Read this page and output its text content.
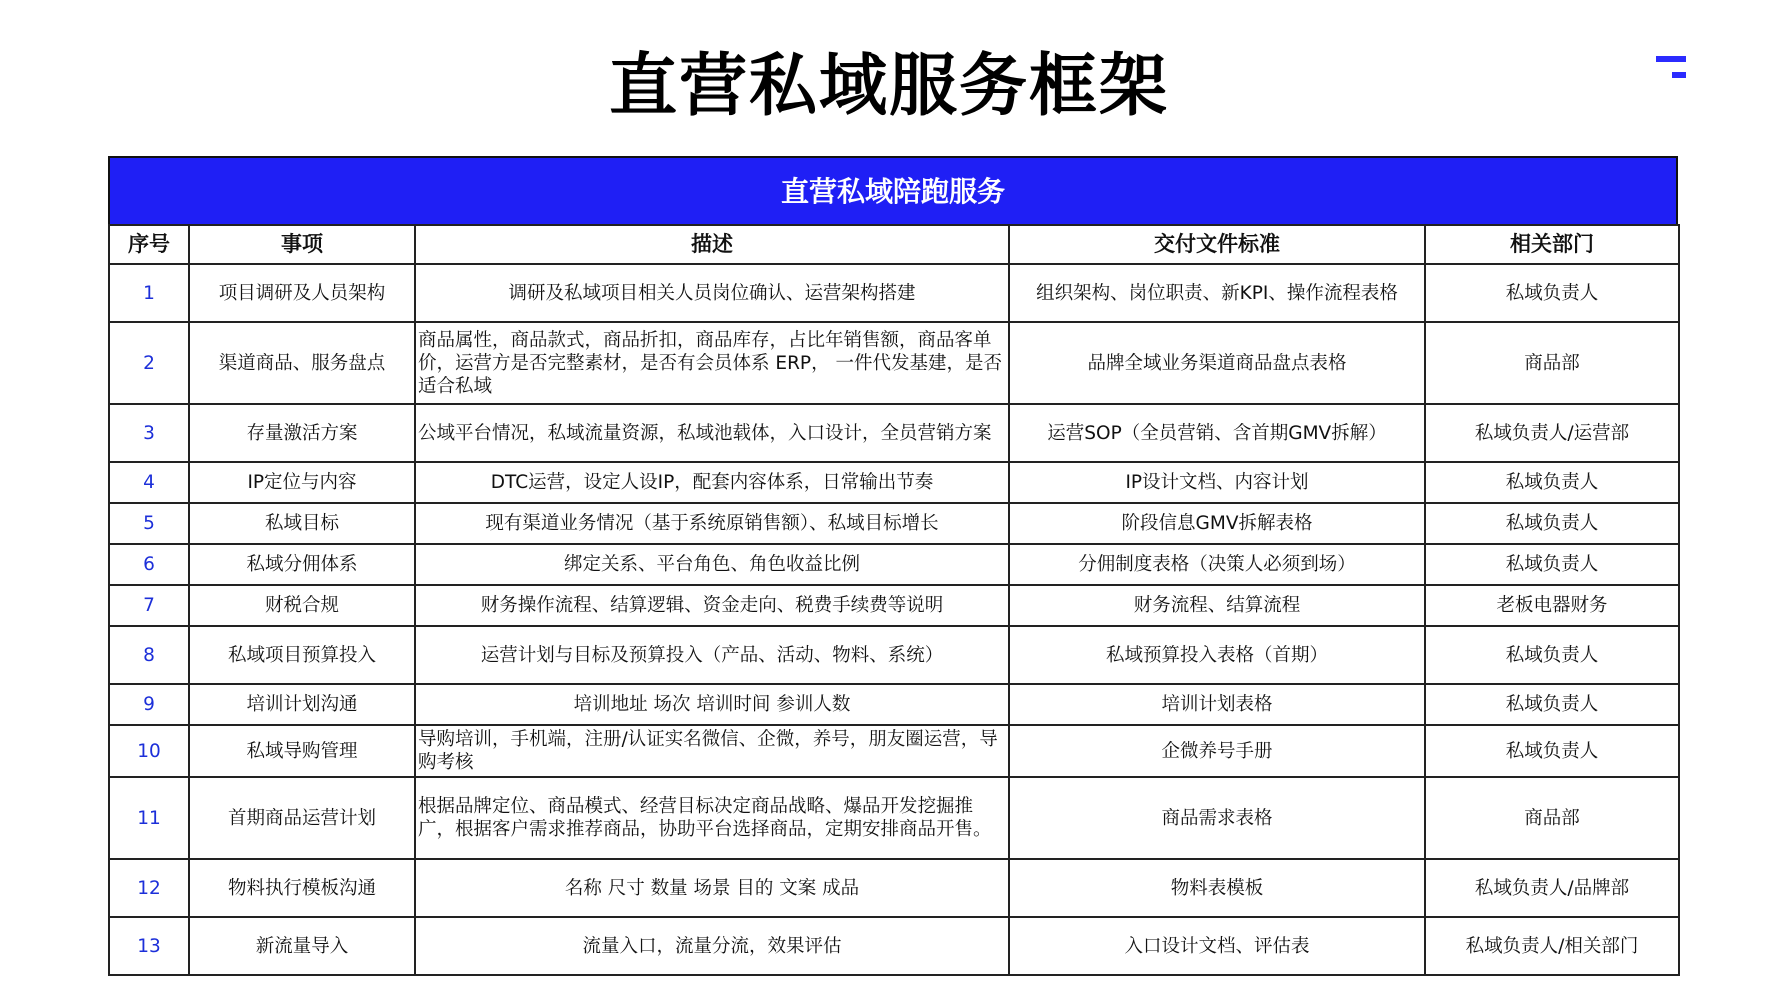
直营私域服务框架
直营私域陪跑服务
序号	事项	描述	交付文件标准	相关部门
1	项目调研及人员架构	调研及私域项目相关人员岗位确认、运营架构搭建	组织架构、岗位职责、新KPI、操作流程表格	私域负责人
2	渠道商品、服务盘点	商品属性，商品款式，商品折扣，商品库存，占比年销售额，商品客单价，运营方是否完整素材，是否有会员体系 ERP， 一件代发基建，是否适合私域	品牌全域业务渠道商品盘点表格	商品部
3	存量激活方案	公域平台情况，私域流量资源，私域池载体，入口设计，全员营销方案	运营SOP（全员营销、含首期GMV拆解）	私域负责人/运营部
4	IP定位与内容	DTC运营，设定人设IP，配套内容体系，日常输出节奏	IP设计文档、内容计划	私域负责人
5	私域目标	现有渠道业务情况（基于系统原销售额）、私域目标增长	阶段信息GMV拆解表格	私域负责人
6	私域分佣体系	绑定关系、平台角色、角色收益比例	分佣制度表格（决策人必须到场）	私域负责人
7	财税合规	财务操作流程、结算逻辑、资金走向、税费手续费等说明	财务流程、结算流程	老板电器财务
8	私域项目预算投入	运营计划与目标及预算投入（产品、活动、物料、系统）	私域预算投入表格（首期）	私域负责人
9	培训计划沟通	培训地址 场次 培训时间 参训人数	培训计划表格	私域负责人
10	私域导购管理	导购培训，手机端，注册/认证实名微信、企微，养号，朋友圈运营，导购考核	企微养号手册	私域负责人
11	首期商品运营计划	根据品牌定位、商品模式、经营目标决定商品战略、爆品开发挖掘推广，根据客户需求推荐商品，协助平台选择商品，定期安排商品开售。	商品需求表格	商品部
12	物料执行模板沟通	名称 尺寸 数量 场景 目的 文案 成品	物料表模板	私域负责人/品牌部
13	新流量导入	流量入口，流量分流，效果评估	入口设计文档、评估表	私域负责人/相关部门
